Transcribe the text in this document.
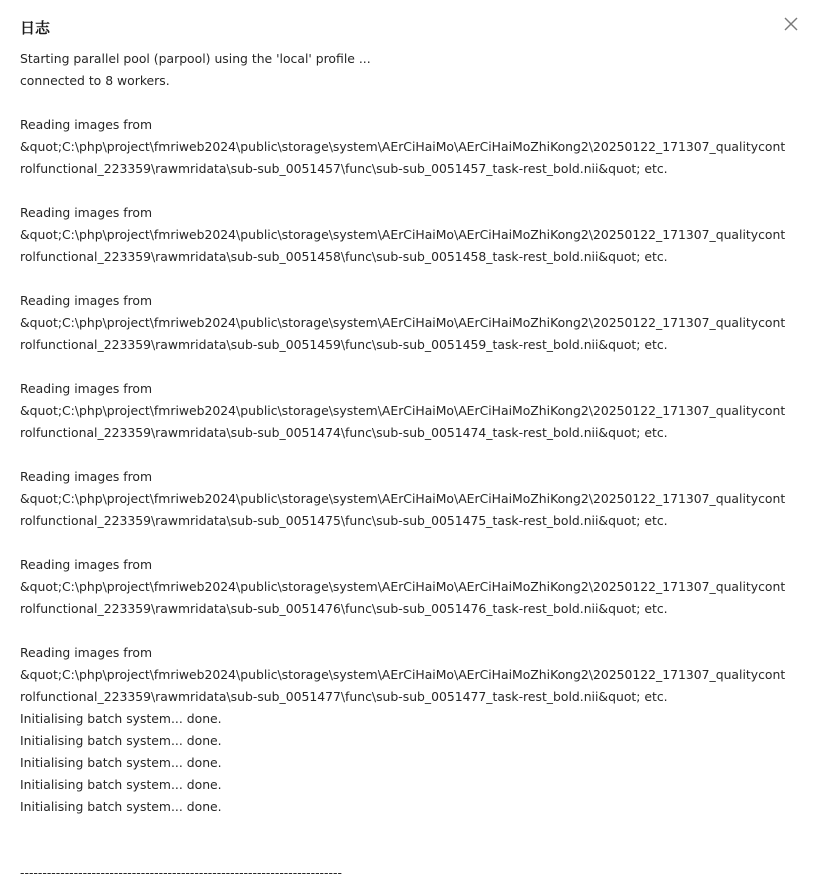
日志
Starting parallel pool (parpool) using the 'local' profile ...
connected to 8 workers.
Reading images from
&quot;C:\php\project\fmriweb2024\public\storage\system\AErCiHaiMo\AErCiHaiMoZhiKong2\20250122_171307_qualitycont
rolfunctional_223359\rawmridata\sub-sub_0051457\func\sub-sub_0051457_task-rest_bold.nii&quot; etc.
Reading images from
&quot;C:\php\project\fmriweb2024\public\storage\system\AErCiHaiMo\AErCiHaiMoZhiKong2\20250122_171307_qualitycont
rolfunctional_223359\rawmridata\sub-sub_0051458\func\sub-sub_0051458_task-rest_bold.nii&quot; etc.
Reading images from
&quot;C:\php\project\fmriweb2024\public\storage\system\AErCiHaiMo\AErCiHaiMoZhiKong2\20250122_171307_qualitycont
rolfunctional_223359\rawmridata\sub-sub_0051459\func\sub-sub_0051459_task-rest_bold.nii&quot; etc.
Reading images from
&quot;C:\php\project\fmriweb2024\public\storage\system\AErCiHaiMo\AErCiHaiMoZhiKong2\20250122_171307_qualitycont
rolfunctional_223359\rawmridata\sub-sub_0051474\func\sub-sub_0051474_task-rest_bold.nii&quot; etc.
Reading images from
&quot;C:\php\project\fmriweb2024\public\storage\system\AErCiHaiMo\AErCiHaiMoZhiKong2\20250122_171307_qualitycont
rolfunctional_223359\rawmridata\sub-sub_0051475\func\sub-sub_0051475_task-rest_bold.nii&quot; etc.
Reading images from
&quot;C:\php\project\fmriweb2024\public\storage\system\AErCiHaiMo\AErCiHaiMoZhiKong2\20250122_171307_qualitycont
rolfunctional_223359\rawmridata\sub-sub_0051476\func\sub-sub_0051476_task-rest_bold.nii&quot; etc.
Reading images from
&quot;C:\php\project\fmriweb2024\public\storage\system\AErCiHaiMo\AErCiHaiMoZhiKong2\20250122_171307_qualitycont
rolfunctional_223359\rawmridata\sub-sub_0051477\func\sub-sub_0051477_task-rest_bold.nii&quot; etc.
Initialising batch system... done.
Initialising batch system... done.
Initialising batch system... done.
Initialising batch system... done.
Initialising batch system... done.
------------------------------------------------------------------------
